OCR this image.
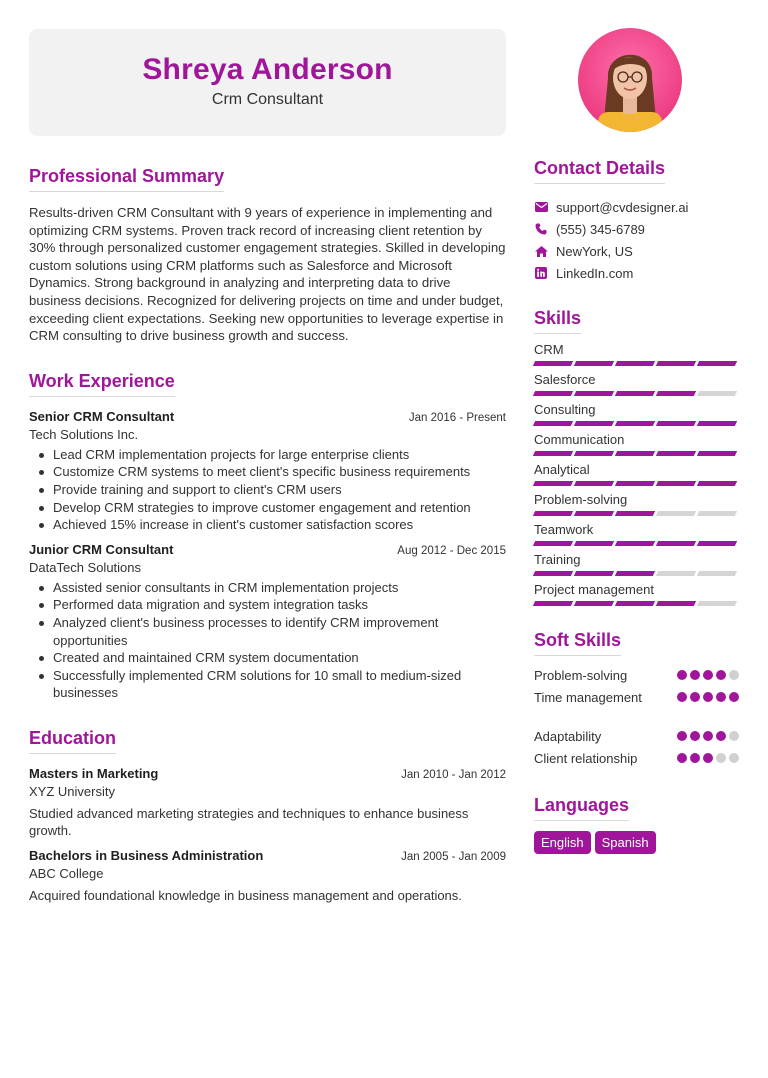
Shreya Anderson
Crm Consultant
Professional Summary

Results-driven CRM Consultant with 9 years of experience in implementing and optimizing CRM systems. Proven track record of increasing client retention by 30% through personalized customer engagement strategies. Skilled in developing custom solutions using CRM platforms such as Salesforce and Microsoft Dynamics. Strong background in analyzing and interpreting data to drive business decisions. Recognized for delivering projects on time and under budget, exceeding client expectations. Seeking new opportunities to leverage expertise in CRM consulting to drive business growth and success.

Work Experience
Senior CRM Consultant	Jan 2016 - Present
Tech Solutions Inc.
Lead CRM implementation projects for large enterprise clients
Customize CRM systems to meet client's specific business requirements
Provide training and support to client's CRM users
Develop CRM strategies to improve customer engagement and retention
Achieved 15% increase in client's customer satisfaction scores
Junior CRM Consultant	Aug 2012 - Dec 2015
DataTech Solutions
Assisted senior consultants in CRM implementation projects
Performed data migration and system integration tasks
Analyzed client's business processes to identify CRM improvement opportunities
Created and maintained CRM system documentation
Successfully implemented CRM solutions for 10 small to medium-sized businesses
Education
Masters in Marketing	Jan 2010 - Jan 2012
XYZ University

Studied advanced marketing strategies and techniques to enhance business growth.

Bachelors in Business Administration	Jan 2005 - Jan 2009
ABC College

Acquired foundational knowledge in business management and operations.

Contact Details
support@cvdesigner.ai
(555) 345-6789
NewYork, US
LinkedIn.com
Skills
CRM
Salesforce
Consulting
Communication
Analytical
Problem-solving
Teamwork
Training
Project management
Soft Skills
Problem-solving
Time management
Adaptability
Client relationship
Languages
English	Spanish
